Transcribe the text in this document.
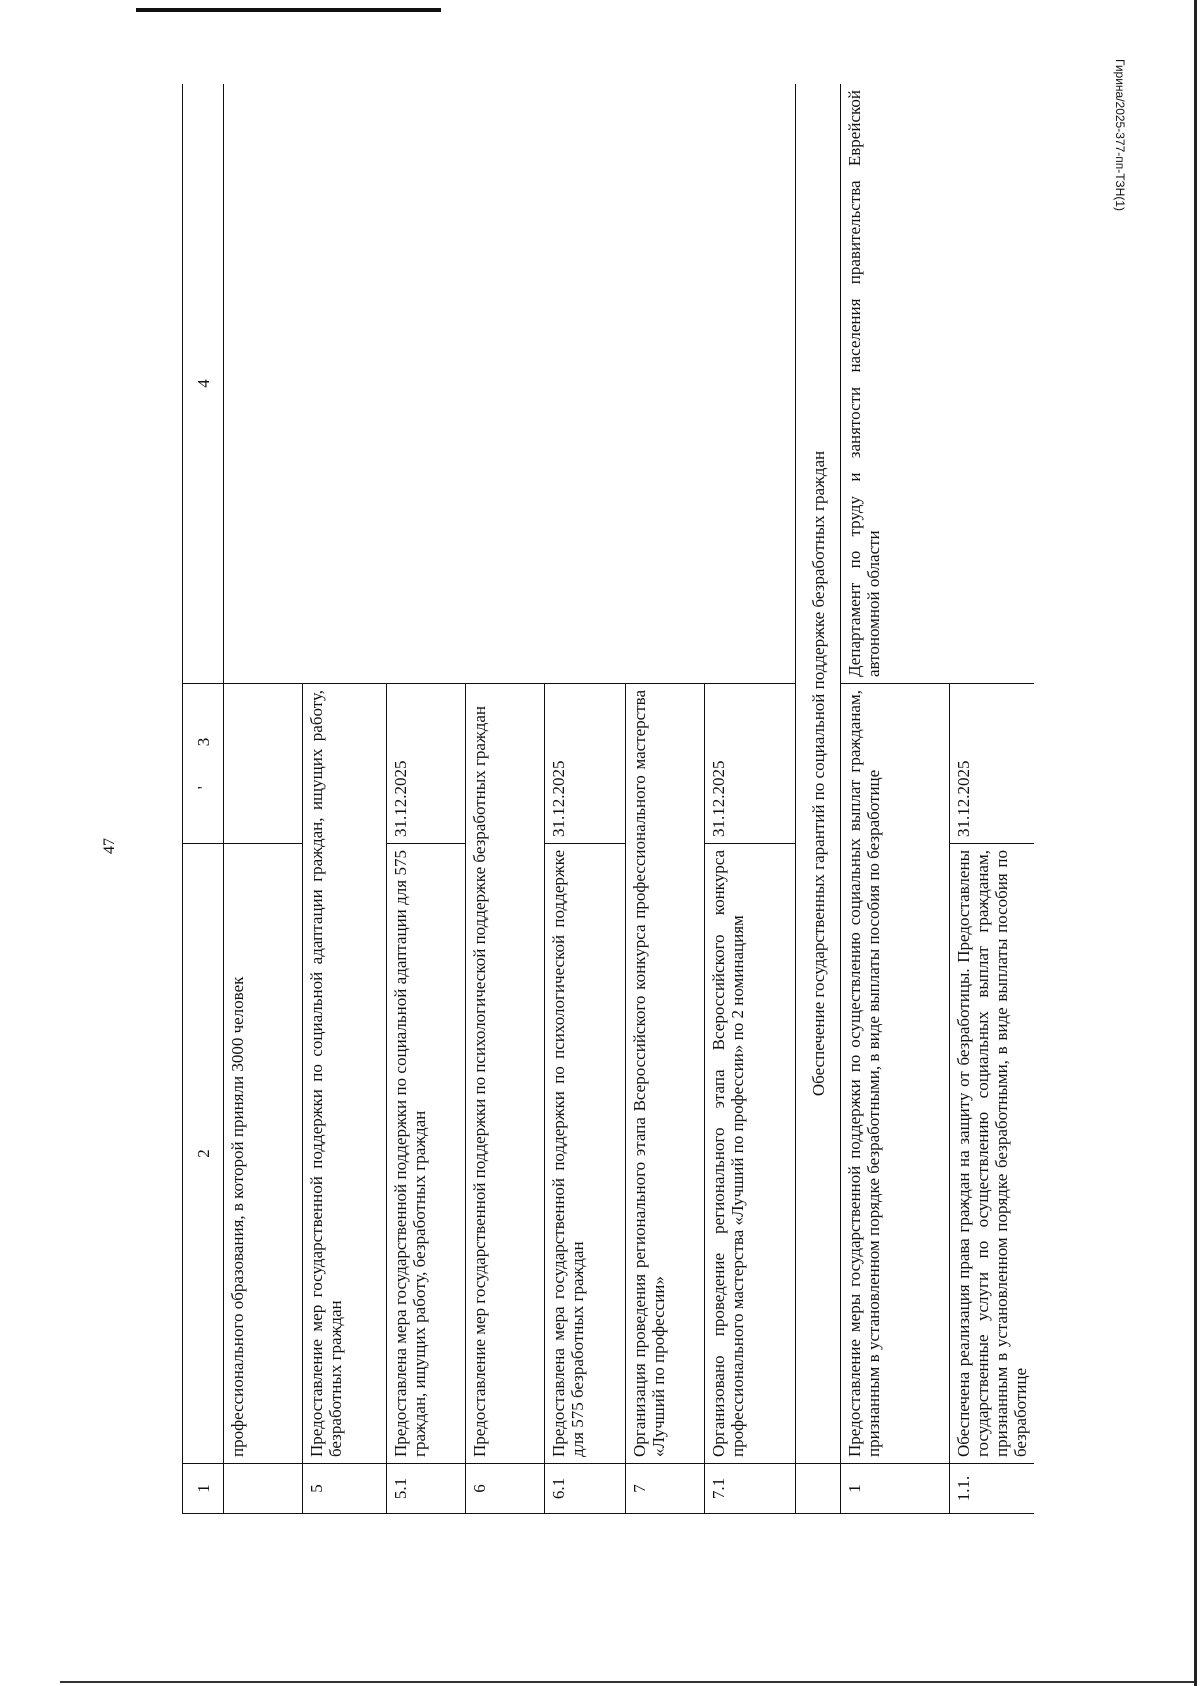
47
Гирина/2025-377-пп-ТЗН(1)
1	2	'3	4
	профессионального образования, в которой приняли 3000 человек		
5	Предоставление мер государственной поддержки по социальной адаптации граждан, ищущих работу, безработных граждан		
5.1	Предоставлена мера государственной поддержки по социальной адаптации для 575 граждан, ищущих работу, безработных граждан	31.12.2025	
6	Предоставление мер государственной поддержки по психологической поддержке безработных граждан		
6.1	Предоставлена мера государственной поддержки по психологической поддержке для 575 безработных граждан	31.12.2025	
7	Организация проведения регионального этапа Всероссийского конкурса профессионального мастерства «Лучший по профессии»		
7.1	Организовано проведение регионального этапа Всероссийского конкурса профессионального мастерства «Лучший по профессии» по 2 номинациям	31.12.2025	
	Обеспечение государственных гарантий по социальной поддержке безработных граждан		
1	Предоставление меры государственной поддержки по осуществлению социальных выплат гражданам, признанным в установленном порядке безработными, в виде выплаты пособия по безработице		Департамент по труду и занятости населения правительства Еврейской автономной области
1.1.	Обеспечена реализация права граждан на защиту от безработицы. Предоставлены государственные услуги по осуществлению социальных выплат гражданам, признанным в установленном порядке безработными, в виде выплаты пособия по безработице	31.12.2025	
